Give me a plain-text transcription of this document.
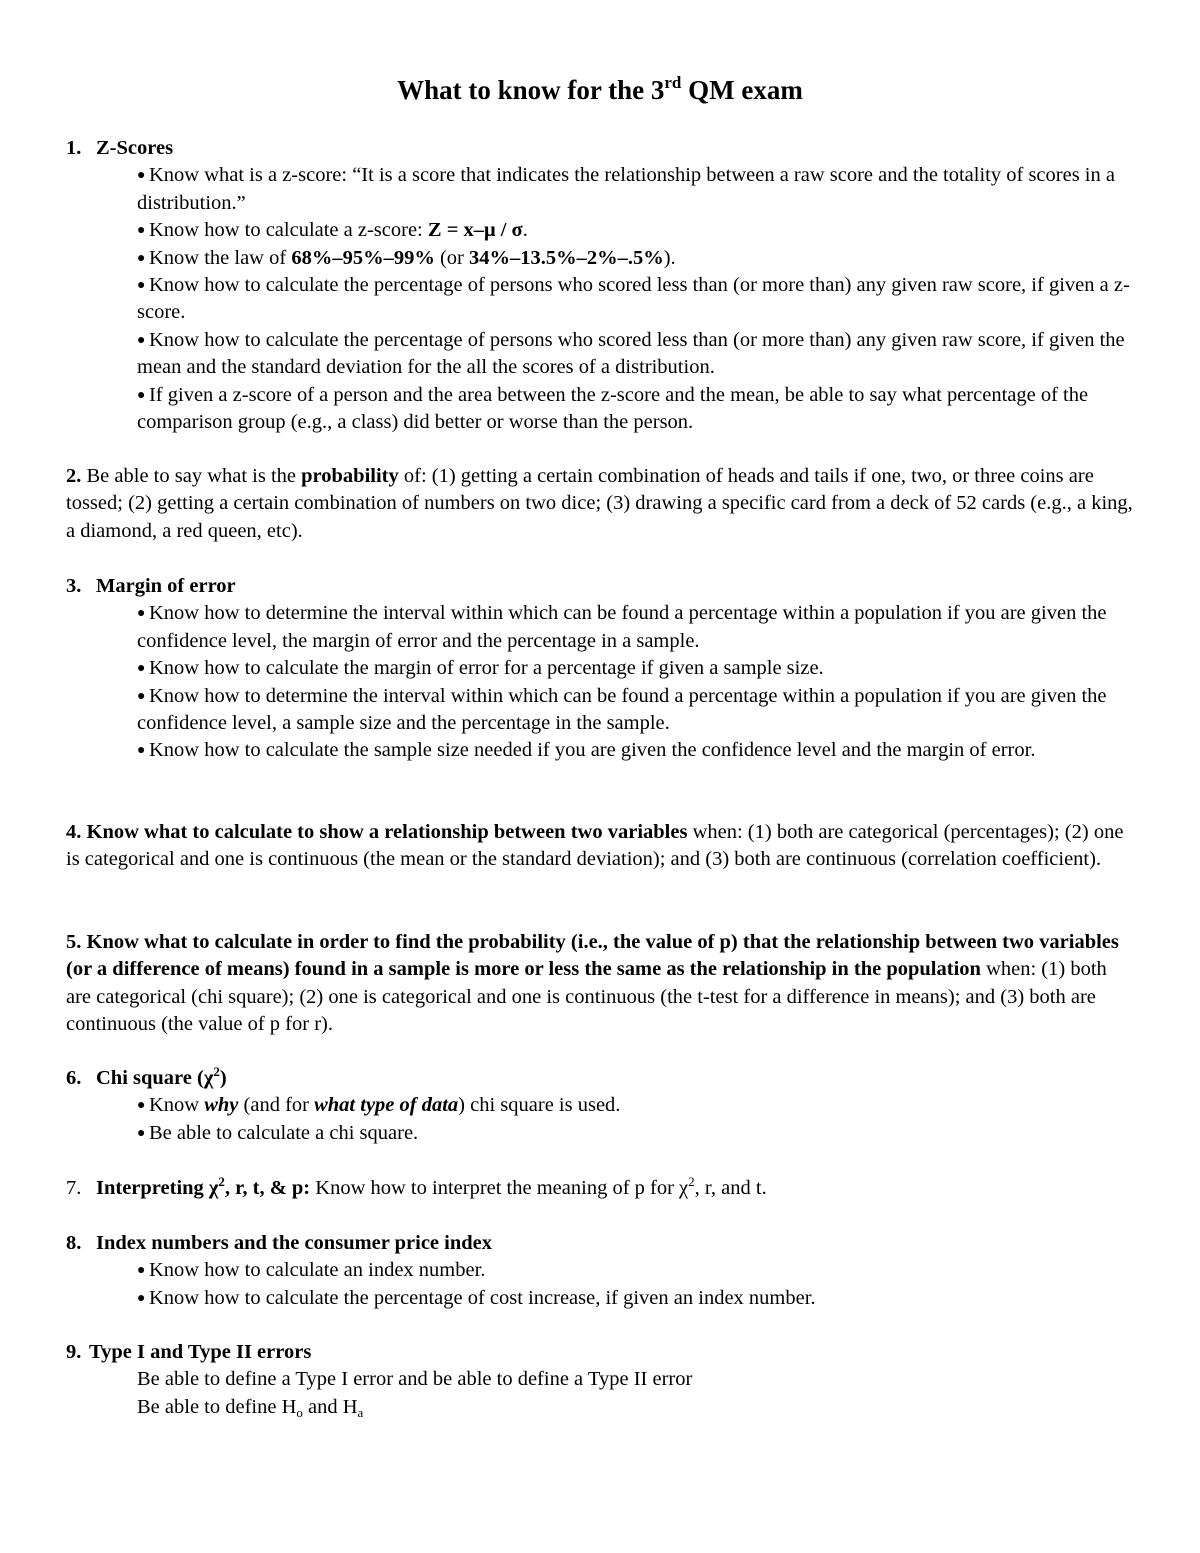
What to know for the 3rd QM exam
1. Z-Scores
● Know what is a z-score: “It is a score that indicates the relationship between a raw score and the totality of scores in a distribution.”
● Know how to calculate a z-score: Z = x–μ / σ.
● Know the law of 68%–95%–99% (or 34%–13.5%–2%–.5%).
● Know how to calculate the percentage of persons who scored less than (or more than) any given raw score, if given a z-score.
● Know how to calculate the percentage of persons who scored less than (or more than) any given raw score, if given the mean and the standard deviation for the all the scores of a distribution.
● If given a z-score of a person and the area between the z-score and the mean, be able to say what percentage of the comparison group (e.g., a class) did better or worse than the person.
2. Be able to say what is the probability of: (1) getting a certain combination of heads and tails if one, two, or three coins are tossed; (2) getting a certain combination of numbers on two dice; (3) drawing a specific card from a deck of 52 cards (e.g., a king, a diamond, a red queen, etc).
3. Margin of error
● Know how to determine the interval within which can be found a percentage within a population if you are given the confidence level, the margin of error and the percentage in a sample.
● Know how to calculate the margin of error for a percentage if given a sample size.
● Know how to determine the interval within which can be found a percentage within a population if you are given the confidence level, a sample size and the percentage in the sample.
● Know how to calculate the sample size needed if you are given the confidence level and the margin of error.
4. Know what to calculate to show a relationship between two variables when: (1) both are categorical (percentages); (2) one is categorical and one is continuous (the mean or the standard deviation); and (3) both are continuous (correlation coefficient).
5. Know what to calculate in order to find the probability (i.e., the value of p) that the relationship between two variables (or a difference of means) found in a sample is more or less the same as the relationship in the population when: (1) both are categorical (chi square); (2) one is categorical and one is continuous (the t-test for a difference in means); and (3) both are continuous (the value of p for r).
6. Chi square $(\chi^2)$
● Know why (and for what type of data) chi square is used.
● Be able to calculate a chi square.
7. Interpreting $\chi^2$, r, t, & p: Know how to interpret the meaning of p for $\chi^2$, r, and t.
8. Index numbers and the consumer price index
● Know how to calculate an index number.
● Know how to calculate the percentage of cost increase, if given an index number.
9. Type I and Type II errors
Be able to define a Type I error and be able to define a Type II error
Be able to define $H_o$ and $H_a$
